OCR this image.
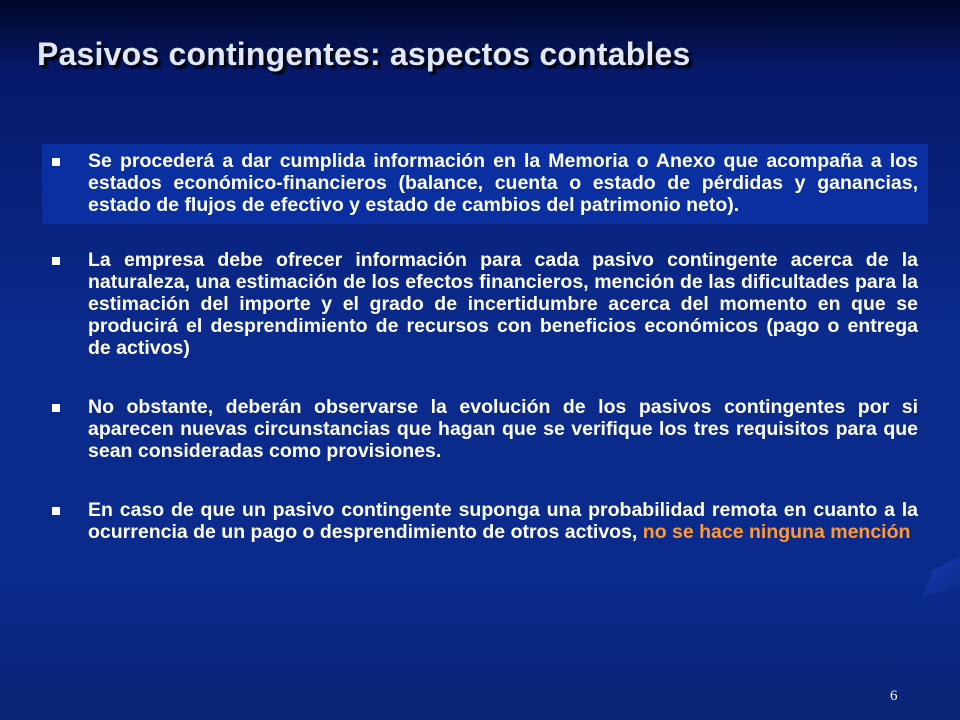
Pasivos contingentes: aspectos contables
Se procederá a dar cumplida información en la Memoria o Anexo que acompaña a los estados económico-financieros (balance, cuenta o estado de pérdidas y ganancias, estado de flujos de efectivo y estado de cambios del patrimonio neto).
La empresa debe ofrecer información para cada pasivo contingente acerca de la naturaleza, una estimación de los efectos financieros, mención de las dificultades para la estimación del importe y el grado de incertidumbre acerca del momento en que se producirá el desprendimiento de recursos con beneficios económicos (pago o entrega de activos)
No obstante, deberán observarse la evolución de los pasivos contingentes por si aparecen nuevas circunstancias que hagan que se verifique los tres requisitos para que sean consideradas como provisiones.
En caso de que un pasivo contingente suponga una probabilidad remota en cuanto a la ocurrencia de un pago o desprendimiento de otros activos, no se hace ninguna mención
6
